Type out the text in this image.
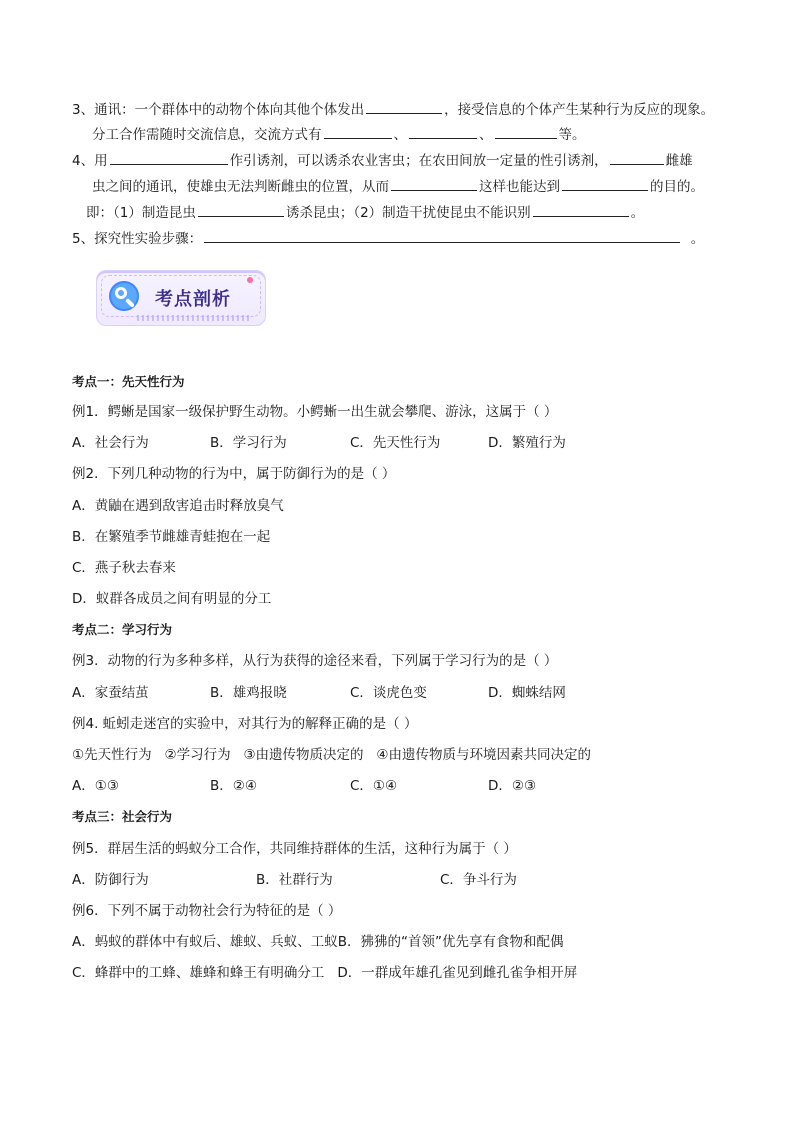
3、通讯：一个群体中的动物个体向其他个体发出	，接受信息的个体产生某种行为反应的现象。
分工合作需随时交流信息，交流方式有	、	、	等。
4、用	作引诱剂，可以诱杀农业害虫；在农田间放一定量的性引诱剂，	雌雄
虫之间的通讯，使雄虫无法判断雌虫的位置，从而	这样也能达到	的目的。
即：（1）制造昆虫	诱杀昆虫；（2）制造干扰使昆虫不能识别	。
5、探究性实验步骤：	。
考点剖析
考点一：先天性行为
例1．鳄蜥是国家一级保护野生动物。小鳄蜥一出生就会攀爬、游泳，这属于（ ）
A．社会行为	B．学习行为	C．先天性行为	D．繁殖行为
例2．下列几种动物的行为中，属于防御行为的是（ ）
A．黄鼬在遇到敌害追击时释放臭气
B．在繁殖季节雌雄青蛙抱在一起
C．燕子秋去春来
D．蚁群各成员之间有明显的分工
考点二：学习行为
例3．动物的行为多种多样，从行为获得的途径来看，下列属于学习行为的是（ ）
A．家蚕结茧	B．雄鸡报晓	C．谈虎色变	D．蜘蛛结网
例4. 蚯蚓走迷宫的实验中，对其行为的解释正确的是（ ）
①先天性行为   ②学习行为   ③由遗传物质决定的   ④由遗传物质与环境因素共同决定的
A．①③	B．②④	C．①④	D．②③
考点三：社会行为
例5．群居生活的蚂蚁分工合作，共同维持群体的生活，这种行为属于（ ）
A．防御行为	B．社群行为	C．争斗行为
例6．下列不属于动物社会行为特征的是（ ）
A．蚂蚁的群体中有蚁后、雄蚁、兵蚁、工蚁B．狒狒的“首领”优先享有食物和配偶
C．蜂群中的工蜂、雄蜂和蜂王有明确分工 D．一群成年雄孔雀见到雌孔雀争相开屏
